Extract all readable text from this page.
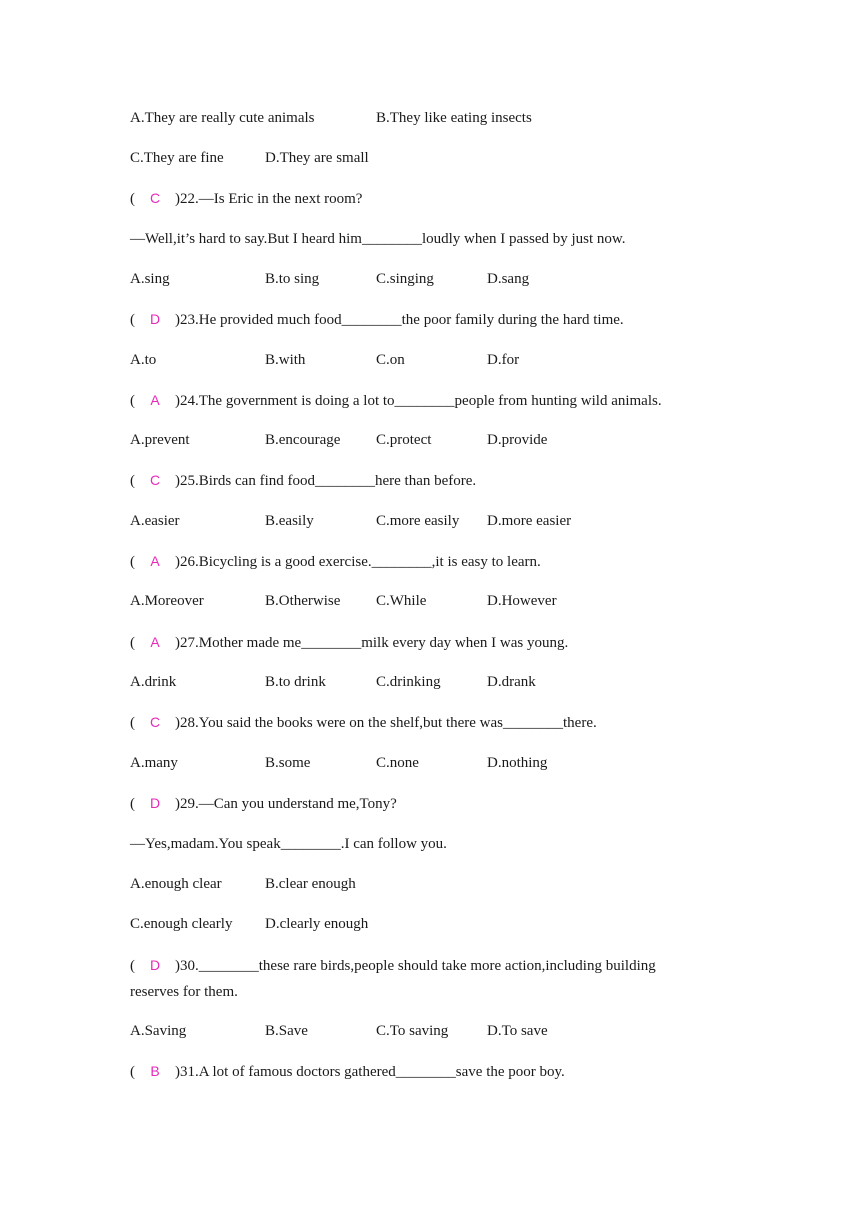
A.They are really cute animals	B.They like eating insects
C.They are fine	D.They are small
( C )22.—Is Eric in the next room?
—Well,it’s hard to say.But I heard him________loudly when I passed by just now.
A.sing	B.to sing	C.singing	D.sang
( D )23.He provided much food________the poor family during the hard time.
A.to	B.with	C.on	D.for
( A )24.The government is doing a lot to________people from hunting wild animals.
A.prevent	B.encourage C.protect	D.provide
( C )25.Birds can find food________here than before.
A.easier	B.easily	C.more easily D.more easier
( A )26.Bicycling is a good exercise.________,it is easy to learn.
A.Moreover	B.Otherwise C.While	D.However
( A )27.Mother made me________milk every day when I was young.
A.drink	B.to drink	C.drinking	D.drank
( C )28.You said the books were on the shelf,but there was________there.
A.many	B.some	C.none	D.nothing
( D )29.—Can you understand me,Tony?
—Yes,madam.You speak________.I can follow you.
A.enough clear	B.clear enough
C.enough clearly D.clearly enough
( D )30.________these rare birds,people should take more action,including building reserves for them.
A.Saving	B.Save	C.To saving	D.To save
( B )31.A lot of famous doctors gathered________save the poor boy.
